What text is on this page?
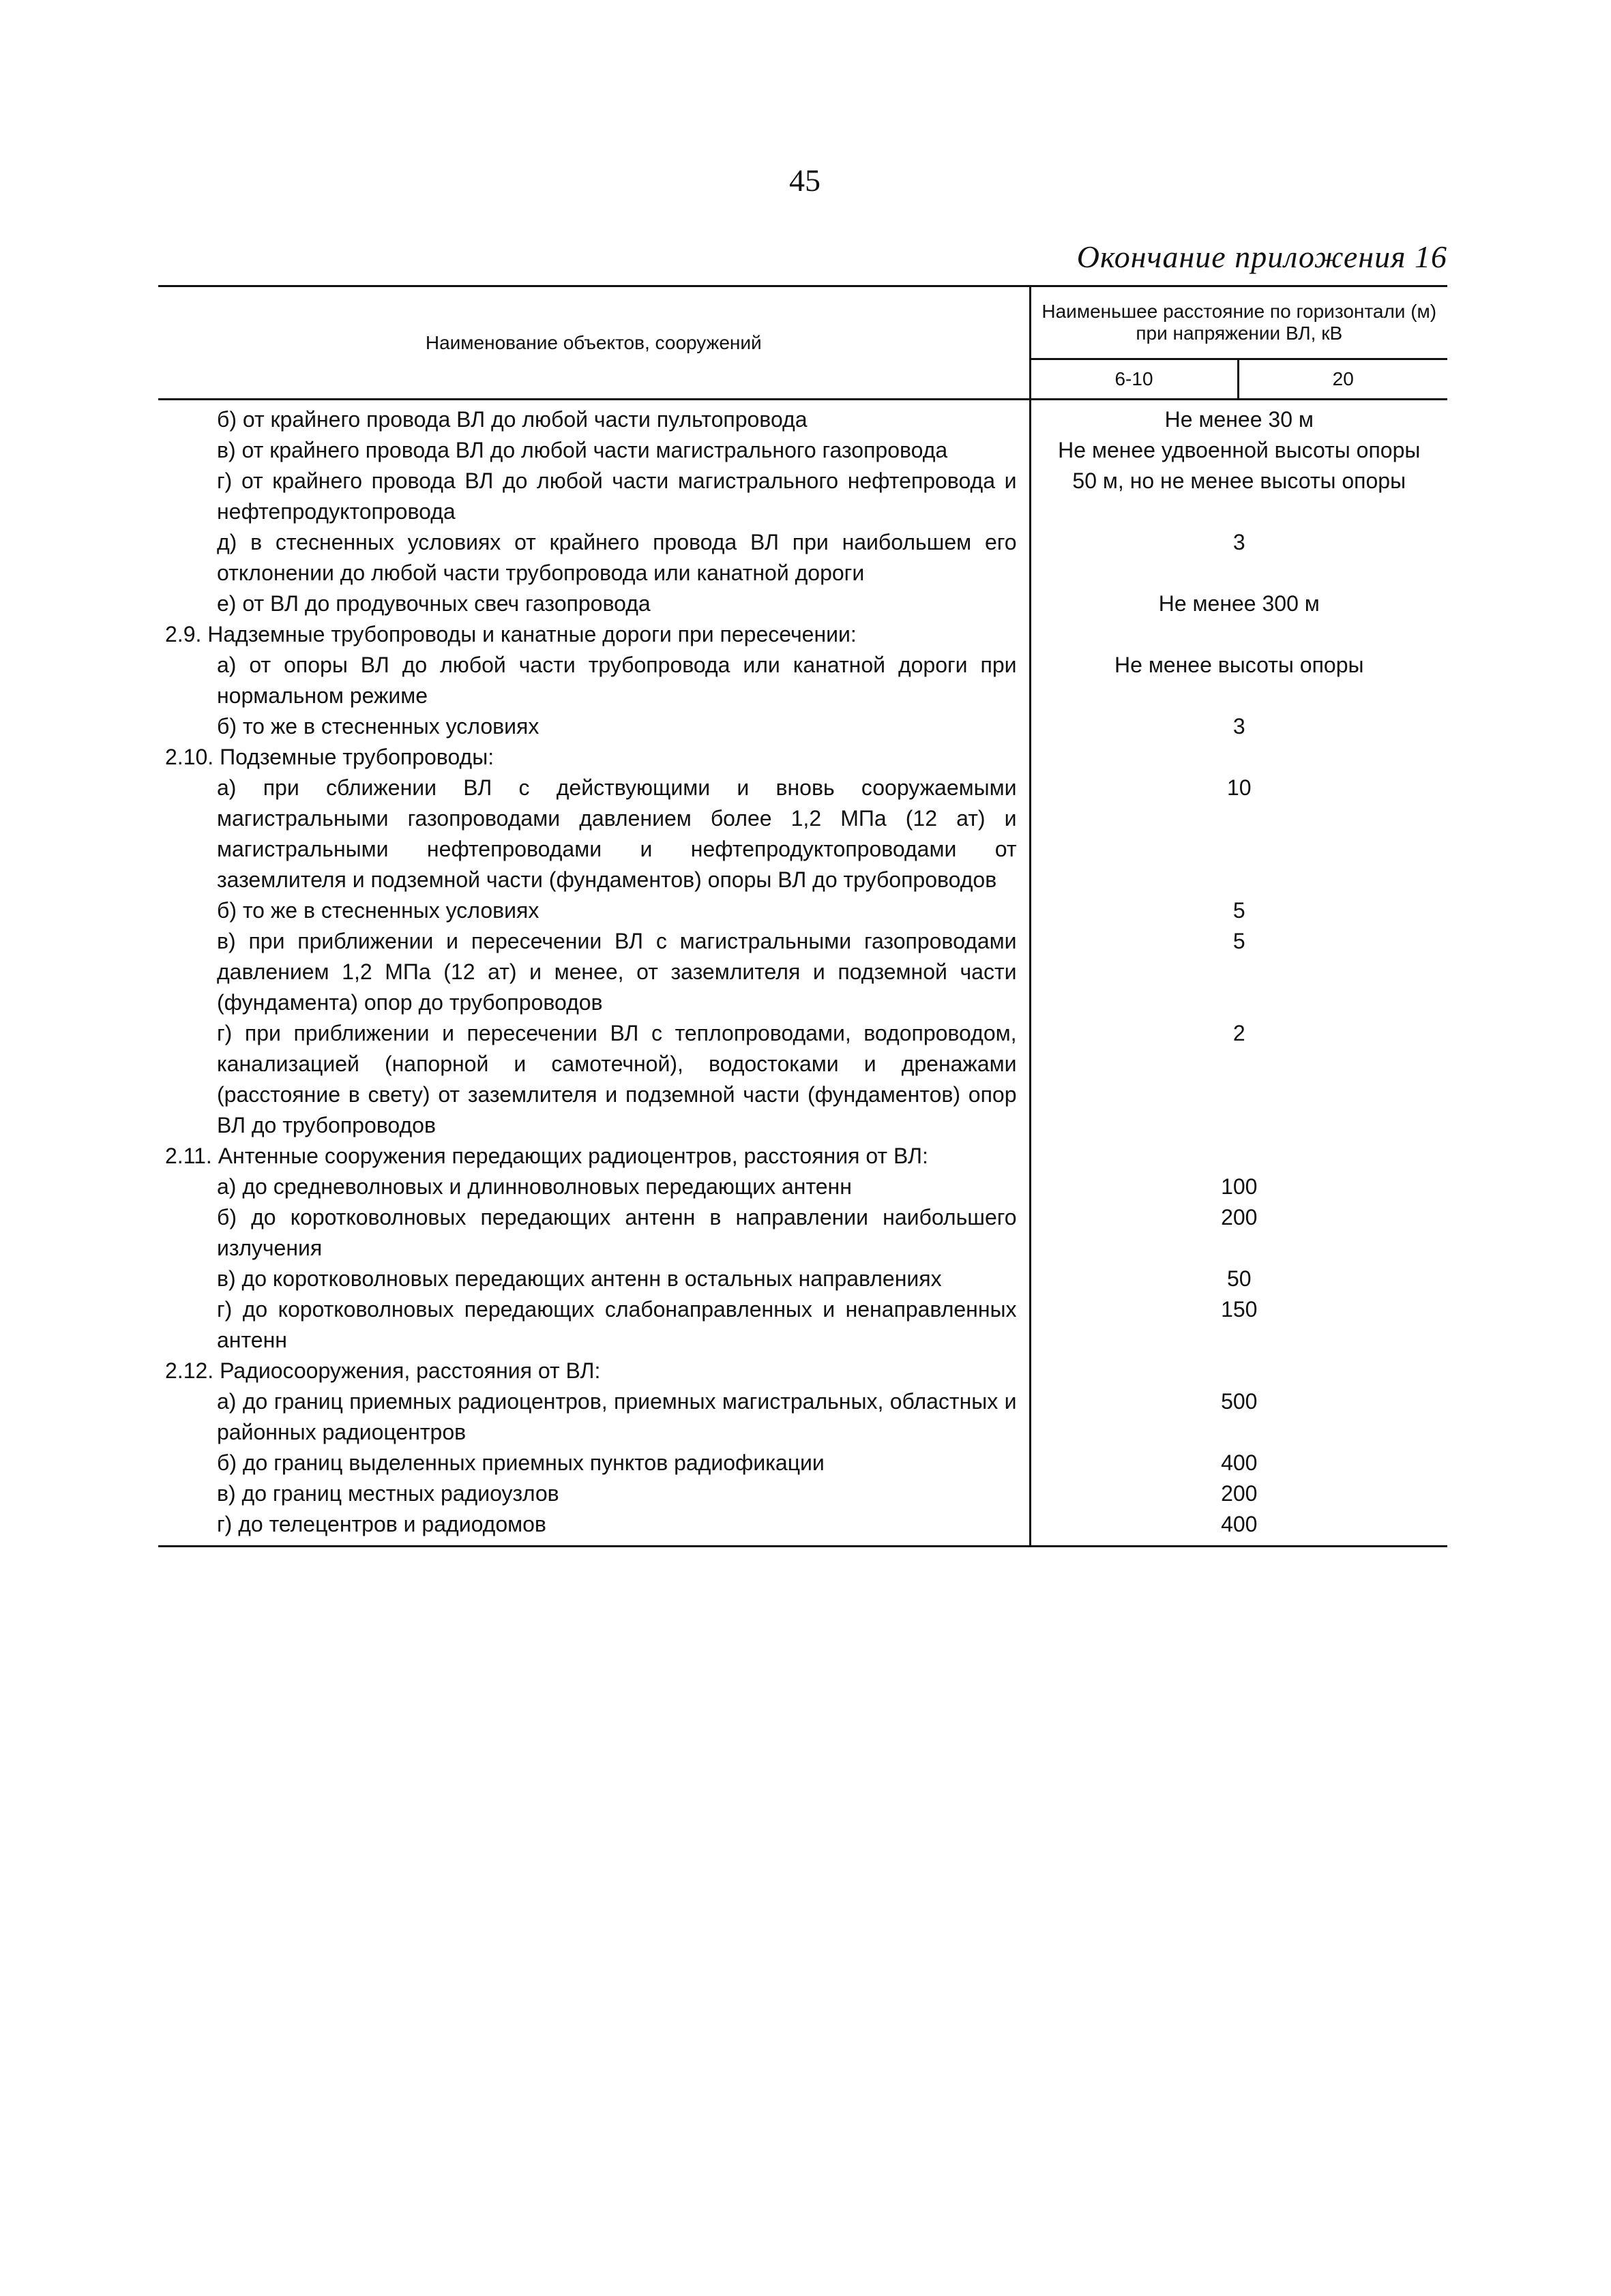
45
Окончание приложения 16
Наименование объектов, сооружений	Наименьшее расстояние по горизонтали (м) при напряжении ВЛ, кВ	
	6-10	20
б) от крайнего провода ВЛ до любой части пультопровода	Не менее 30 м	
в) от крайнего провода ВЛ до любой части магистрального газопровода	Не менее удвоенной высоты опоры	
г) от крайнего провода ВЛ до любой части магистрального нефтепровода и нефтепродуктопровода	50 м, но не менее высоты опоры	
д) в стесненных условиях от крайнего провода ВЛ при наибольшем его отклонении до любой части трубопровода или канатной дороги	3	
е) от ВЛ до продувочных свеч газопровода	Не менее 300 м	
2.9. Надземные трубопроводы и канатные дороги при пересечении:		
а) от опоры ВЛ до любой части трубопровода или канатной дороги при нормальном режиме	Не менее высоты опоры	
б) то же в стесненных условиях	3	
2.10. Подземные трубопроводы:		
а) при сближении ВЛ с действующими и вновь сооружаемыми магистральными газопроводами давлением более 1,2 МПа (12 ат) и магистральными нефтепроводами и нефтепродуктопроводами от заземлителя и подземной части (фундаментов) опоры ВЛ до трубопроводов	10	
б) то же в стесненных условиях	5	
в) при приближении и пересечении ВЛ с магистральными газопроводами давлением 1,2 МПа (12 ат) и менее, от заземлителя и подземной части (фундамента) опор до трубопроводов	5	
г) при приближении и пересечении ВЛ с теплопроводами, водопроводом, канализацией (напорной и самотечной), водостоками и дренажами (расстояние в свету) от заземлителя и подземной части (фундаментов) опор ВЛ до трубопроводов	2	
2.11. Антенные сооружения передающих радиоцентров, расстояния от ВЛ:		
а) до средневолновых и длинноволновых передающих антенн	100	
б) до коротковолновых передающих антенн в направлении наибольшего излучения	200	
в) до коротковолновых передающих антенн в остальных направлениях	50	
г) до коротковолновых передающих слабонаправленных и ненаправленных антенн	150	
2.12. Радиосооружения, расстояния от ВЛ:		
а) до границ приемных радиоцентров, приемных магистральных, областных и районных радиоцентров	500	
б) до границ выделенных приемных пунктов радиофикации	400	
в) до границ местных радиоузлов	200	
г) до телецентров и радиодомов	400	
